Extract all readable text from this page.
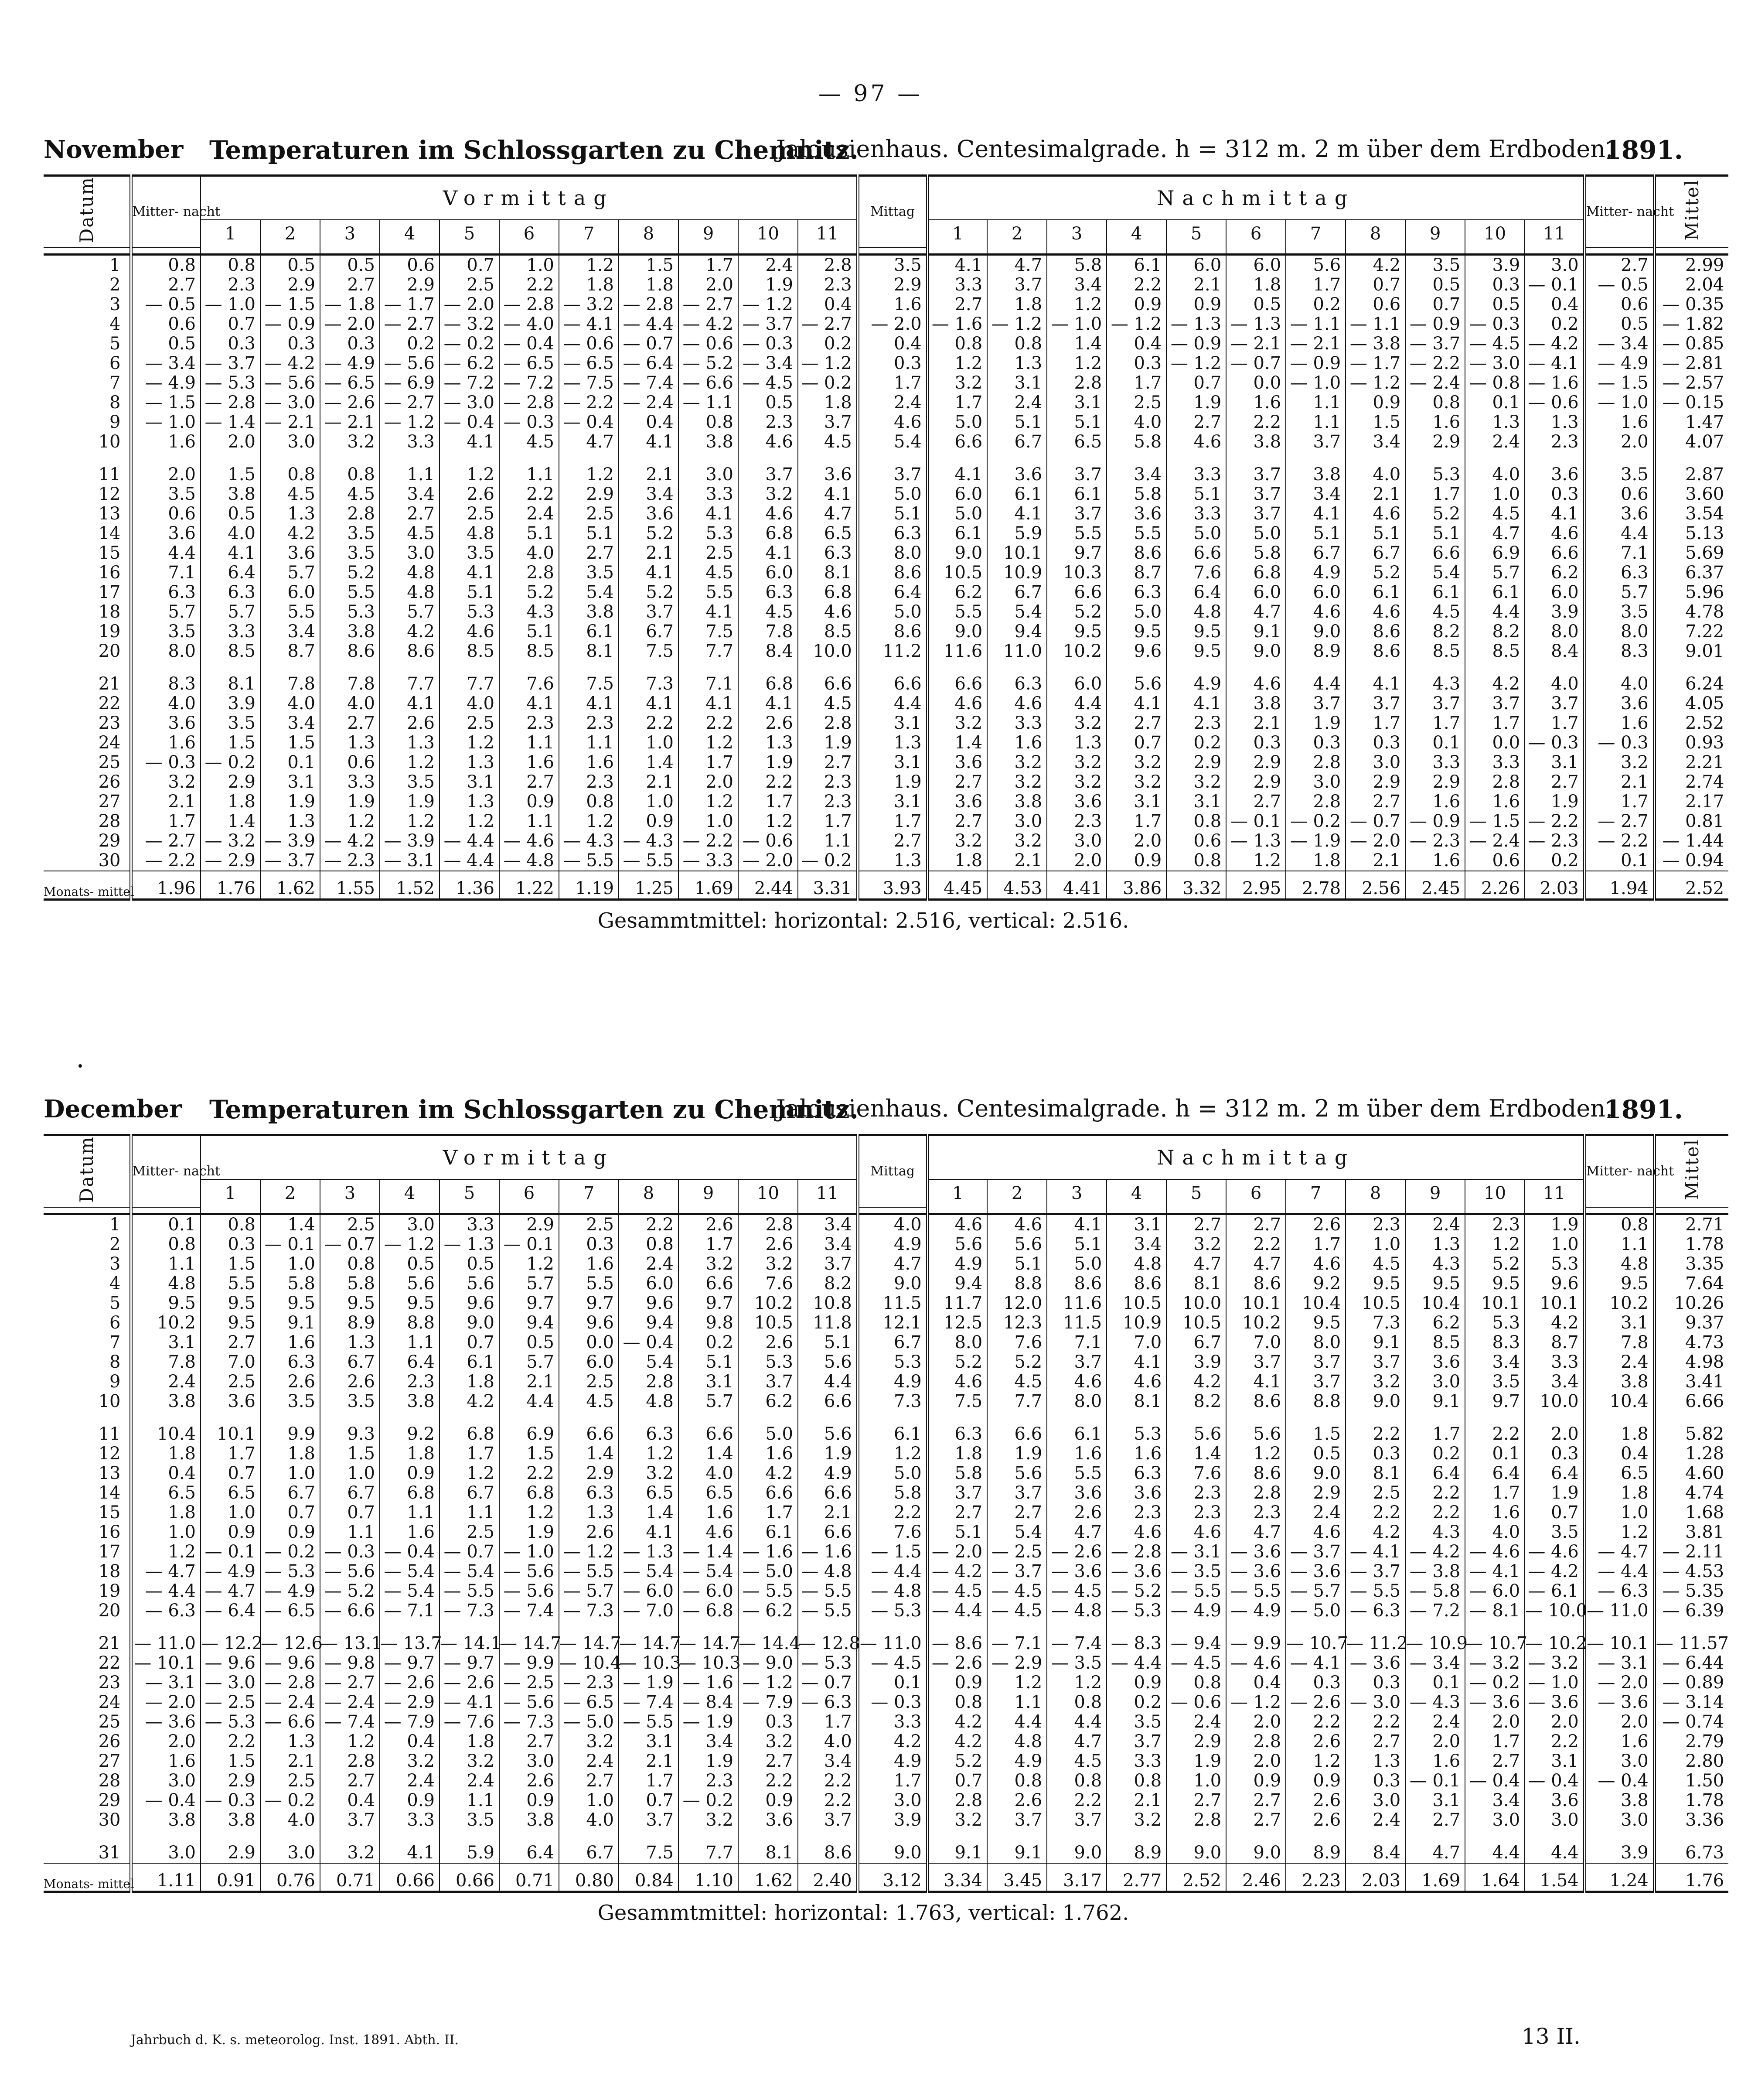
— 97 —
November Temperaturen im Schlossgarten zu Chemnitz.
Jalousienhaus. Centesimalgrade. h = 312 m. 2 m über dem Erdboden.
1891.
Datum	Mitter- nacht	Vormittag											Mittag	Nachmittag											Mitter- nacht	Mittel
		1	2	3	4	5	6	7	8	9	10	11		1	2	3	4	5	6	7	8	9	10	11		

1	0.8	0.8	0.5	0.5	0.6	0.7	1.0	1.2	1.5	1.7	2.4	2.8	3.5	4.1	4.7	5.8	6.1	6.0	6.0	5.6	4.2	3.5	3.9	3.0	2.7	2.99
2	2.7	2.3	2.9	2.7	2.9	2.5	2.2	1.8	1.8	2.0	1.9	2.3	2.9	3.3	3.7	3.4	2.2	2.1	1.8	1.7	0.7	0.5	0.3	— 0.1	— 0.5	2.04
3	— 0.5	— 1.0	— 1.5	— 1.8	— 1.7	— 2.0	— 2.8	— 3.2	— 2.8	— 2.7	— 1.2	0.4	1.6	2.7	1.8	1.2	0.9	0.9	0.5	0.2	0.6	0.7	0.5	0.4	0.6	— 0.35
4	0.6	0.7	— 0.9	— 2.0	— 2.7	— 3.2	— 4.0	— 4.1	— 4.4	— 4.2	— 3.7	— 2.7	— 2.0	— 1.6	— 1.2	— 1.0	— 1.2	— 1.3	— 1.3	— 1.1	— 1.1	— 0.9	— 0.3	0.2	0.5	— 1.82
5	0.5	0.3	0.3	0.3	0.2	— 0.2	— 0.4	— 0.6	— 0.7	— 0.6	— 0.3	0.2	0.4	0.8	0.8	1.4	0.4	— 0.9	— 2.1	— 2.1	— 3.8	— 3.7	— 4.5	— 4.2	— 3.4	— 0.85
6	— 3.4	— 3.7	— 4.2	— 4.9	— 5.6	— 6.2	— 6.5	— 6.5	— 6.4	— 5.2	— 3.4	— 1.2	0.3	1.2	1.3	1.2	0.3	— 1.2	— 0.7	— 0.9	— 1.7	— 2.2	— 3.0	— 4.1	— 4.9	— 2.81
7	— 4.9	— 5.3	— 5.6	— 6.5	— 6.9	— 7.2	— 7.2	— 7.5	— 7.4	— 6.6	— 4.5	— 0.2	1.7	3.2	3.1	2.8	1.7	0.7	0.0	— 1.0	— 1.2	— 2.4	— 0.8	— 1.6	— 1.5	— 2.57
8	— 1.5	— 2.8	— 3.0	— 2.6	— 2.7	— 3.0	— 2.8	— 2.2	— 2.4	— 1.1	0.5	1.8	2.4	1.7	2.4	3.1	2.5	1.9	1.6	1.1	0.9	0.8	0.1	— 0.6	— 1.0	— 0.15
9	— 1.0	— 1.4	— 2.1	— 2.1	— 1.2	— 0.4	— 0.3	— 0.4	0.4	0.8	2.3	3.7	4.6	5.0	5.1	5.1	4.0	2.7	2.2	1.1	1.5	1.6	1.3	1.3	1.6	1.47
10	1.6	2.0	3.0	3.2	3.3	4.1	4.5	4.7	4.1	3.8	4.6	4.5	5.4	6.6	6.7	6.5	5.8	4.6	3.8	3.7	3.4	2.9	2.4	2.3	2.0	4.07

11	2.0	1.5	0.8	0.8	1.1	1.2	1.1	1.2	2.1	3.0	3.7	3.6	3.7	4.1	3.6	3.7	3.4	3.3	3.7	3.8	4.0	5.3	4.0	3.6	3.5	2.87
12	3.5	3.8	4.5	4.5	3.4	2.6	2.2	2.9	3.4	3.3	3.2	4.1	5.0	6.0	6.1	6.1	5.8	5.1	3.7	3.4	2.1	1.7	1.0	0.3	0.6	3.60
13	0.6	0.5	1.3	2.8	2.7	2.5	2.4	2.5	3.6	4.1	4.6	4.7	5.1	5.0	4.1	3.7	3.6	3.3	3.7	4.1	4.6	5.2	4.5	4.1	3.6	3.54
14	3.6	4.0	4.2	3.5	4.5	4.8	5.1	5.1	5.2	5.3	6.8	6.5	6.3	6.1	5.9	5.5	5.5	5.0	5.0	5.1	5.1	5.1	4.7	4.6	4.4	5.13
15	4.4	4.1	3.6	3.5	3.0	3.5	4.0	2.7	2.1	2.5	4.1	6.3	8.0	9.0	10.1	9.7	8.6	6.6	5.8	6.7	6.7	6.6	6.9	6.6	7.1	5.69
16	7.1	6.4	5.7	5.2	4.8	4.1	2.8	3.5	4.1	4.5	6.0	8.1	8.6	10.5	10.9	10.3	8.7	7.6	6.8	4.9	5.2	5.4	5.7	6.2	6.3	6.37
17	6.3	6.3	6.0	5.5	4.8	5.1	5.2	5.4	5.2	5.5	6.3	6.8	6.4	6.2	6.7	6.6	6.3	6.4	6.0	6.0	6.1	6.1	6.1	6.0	5.7	5.96
18	5.7	5.7	5.5	5.3	5.7	5.3	4.3	3.8	3.7	4.1	4.5	4.6	5.0	5.5	5.4	5.2	5.0	4.8	4.7	4.6	4.6	4.5	4.4	3.9	3.5	4.78
19	3.5	3.3	3.4	3.8	4.2	4.6	5.1	6.1	6.7	7.5	7.8	8.5	8.6	9.0	9.4	9.5	9.5	9.5	9.1	9.0	8.6	8.2	8.2	8.0	8.0	7.22
20	8.0	8.5	8.7	8.6	8.6	8.5	8.5	8.1	7.5	7.7	8.4	10.0	11.2	11.6	11.0	10.2	9.6	9.5	9.0	8.9	8.6	8.5	8.5	8.4	8.3	9.01

21	8.3	8.1	7.8	7.8	7.7	7.7	7.6	7.5	7.3	7.1	6.8	6.6	6.6	6.6	6.3	6.0	5.6	4.9	4.6	4.4	4.1	4.3	4.2	4.0	4.0	6.24
22	4.0	3.9	4.0	4.0	4.1	4.0	4.1	4.1	4.1	4.1	4.1	4.5	4.4	4.6	4.6	4.4	4.1	4.1	3.8	3.7	3.7	3.7	3.7	3.7	3.6	4.05
23	3.6	3.5	3.4	2.7	2.6	2.5	2.3	2.3	2.2	2.2	2.6	2.8	3.1	3.2	3.3	3.2	2.7	2.3	2.1	1.9	1.7	1.7	1.7	1.7	1.6	2.52
24	1.6	1.5	1.5	1.3	1.3	1.2	1.1	1.1	1.0	1.2	1.3	1.9	1.3	1.4	1.6	1.3	0.7	0.2	0.3	0.3	0.3	0.1	0.0	— 0.3	— 0.3	0.93
25	— 0.3	— 0.2	0.1	0.6	1.2	1.3	1.6	1.6	1.4	1.7	1.9	2.7	3.1	3.6	3.2	3.2	3.2	2.9	2.9	2.8	3.0	3.3	3.3	3.1	3.2	2.21
26	3.2	2.9	3.1	3.3	3.5	3.1	2.7	2.3	2.1	2.0	2.2	2.3	1.9	2.7	3.2	3.2	3.2	3.2	2.9	3.0	2.9	2.9	2.8	2.7	2.1	2.74
27	2.1	1.8	1.9	1.9	1.9	1.3	0.9	0.8	1.0	1.2	1.7	2.3	3.1	3.6	3.8	3.6	3.1	3.1	2.7	2.8	2.7	1.6	1.6	1.9	1.7	2.17
28	1.7	1.4	1.3	1.2	1.2	1.2	1.1	1.2	0.9	1.0	1.2	1.7	1.7	2.7	3.0	2.3	1.7	0.8	— 0.1	— 0.2	— 0.7	— 0.9	— 1.5	— 2.2	— 2.7	0.81
29	— 2.7	— 3.2	— 3.9	— 4.2	— 3.9	— 4.4	— 4.6	— 4.3	— 4.3	— 2.2	— 0.6	1.1	2.7	3.2	3.2	3.0	2.0	0.6	— 1.3	— 1.9	— 2.0	— 2.3	— 2.4	— 2.3	— 2.2	— 1.44
30	— 2.2	— 2.9	— 3.7	— 2.3	— 3.1	— 4.4	— 4.8	— 5.5	— 5.5	— 3.3	— 2.0	— 0.2	1.3	1.8	2.1	2.0	0.9	0.8	1.2	1.8	2.1	1.6	0.6	0.2	0.1	— 0.94
Monats- mittel	1.96	1.76	1.62	1.55	1.52	1.36	1.22	1.19	1.25	1.69	2.44	3.31	3.93	4.45	4.53	4.41	3.86	3.32	2.95	2.78	2.56	2.45	2.26	2.03	1.94	2.52
Gesammtmittel: horizontal: 2.516, vertical: 2.516.
December Temperaturen im Schlossgarten zu Chemnitz.
Jalousienhaus. Centesimalgrade. h = 312 m. 2 m über dem Erdboden.
1891.
Datum	Mitter- nacht	Vormittag											Mittag	Nachmittag											Mitter- nacht	Mittel
		1	2	3	4	5	6	7	8	9	10	11		1	2	3	4	5	6	7	8	9	10	11		

1	0.1	0.8	1.4	2.5	3.0	3.3	2.9	2.5	2.2	2.6	2.8	3.4	4.0	4.6	4.6	4.1	3.1	2.7	2.7	2.6	2.3	2.4	2.3	1.9	0.8	2.71
2	0.8	0.3	— 0.1	— 0.7	— 1.2	— 1.3	— 0.1	0.3	0.8	1.7	2.6	3.4	4.9	5.6	5.6	5.1	3.4	3.2	2.2	1.7	1.0	1.3	1.2	1.0	1.1	1.78
3	1.1	1.5	1.0	0.8	0.5	0.5	1.2	1.6	2.4	3.2	3.2	3.7	4.7	4.9	5.1	5.0	4.8	4.7	4.7	4.6	4.5	4.3	5.2	5.3	4.8	3.35
4	4.8	5.5	5.8	5.8	5.6	5.6	5.7	5.5	6.0	6.6	7.6	8.2	9.0	9.4	8.8	8.6	8.6	8.1	8.6	9.2	9.5	9.5	9.5	9.6	9.5	7.64
5	9.5	9.5	9.5	9.5	9.5	9.6	9.7	9.7	9.6	9.7	10.2	10.8	11.5	11.7	12.0	11.6	10.5	10.0	10.1	10.4	10.5	10.4	10.1	10.1	10.2	10.26
6	10.2	9.5	9.1	8.9	8.8	9.0	9.4	9.6	9.4	9.8	10.5	11.8	12.1	12.5	12.3	11.5	10.9	10.5	10.2	9.5	7.3	6.2	5.3	4.2	3.1	9.37
7	3.1	2.7	1.6	1.3	1.1	0.7	0.5	0.0	— 0.4	0.2	2.6	5.1	6.7	8.0	7.6	7.1	7.0	6.7	7.0	8.0	9.1	8.5	8.3	8.7	7.8	4.73
8	7.8	7.0	6.3	6.7	6.4	6.1	5.7	6.0	5.4	5.1	5.3	5.6	5.3	5.2	5.2	3.7	4.1	3.9	3.7	3.7	3.7	3.6	3.4	3.3	2.4	4.98
9	2.4	2.5	2.6	2.6	2.3	1.8	2.1	2.5	2.8	3.1	3.7	4.4	4.9	4.6	4.5	4.6	4.6	4.2	4.1	3.7	3.2	3.0	3.5	3.4	3.8	3.41
10	3.8	3.6	3.5	3.5	3.8	4.2	4.4	4.5	4.8	5.7	6.2	6.6	7.3	7.5	7.7	8.0	8.1	8.2	8.6	8.8	9.0	9.1	9.7	10.0	10.4	6.66

11	10.4	10.1	9.9	9.3	9.2	6.8	6.9	6.6	6.3	6.6	5.0	5.6	6.1	6.3	6.6	6.1	5.3	5.6	5.6	1.5	2.2	1.7	2.2	2.0	1.8	5.82
12	1.8	1.7	1.8	1.5	1.8	1.7	1.5	1.4	1.2	1.4	1.6	1.9	1.2	1.8	1.9	1.6	1.6	1.4	1.2	0.5	0.3	0.2	0.1	0.3	0.4	1.28
13	0.4	0.7	1.0	1.0	0.9	1.2	2.2	2.9	3.2	4.0	4.2	4.9	5.0	5.8	5.6	5.5	6.3	7.6	8.6	9.0	8.1	6.4	6.4	6.4	6.5	4.60
14	6.5	6.5	6.7	6.7	6.8	6.7	6.8	6.3	6.5	6.5	6.6	6.6	5.8	3.7	3.7	3.6	3.6	2.3	2.8	2.9	2.5	2.2	1.7	1.9	1.8	4.74
15	1.8	1.0	0.7	0.7	1.1	1.1	1.2	1.3	1.4	1.6	1.7	2.1	2.2	2.7	2.7	2.6	2.3	2.3	2.3	2.4	2.2	2.2	1.6	0.7	1.0	1.68
16	1.0	0.9	0.9	1.1	1.6	2.5	1.9	2.6	4.1	4.6	6.1	6.6	7.6	5.1	5.4	4.7	4.6	4.6	4.7	4.6	4.2	4.3	4.0	3.5	1.2	3.81
17	1.2	— 0.1	— 0.2	— 0.3	— 0.4	— 0.7	— 1.0	— 1.2	— 1.3	— 1.4	— 1.6	— 1.6	— 1.5	— 2.0	— 2.5	— 2.6	— 2.8	— 3.1	— 3.6	— 3.7	— 4.1	— 4.2	— 4.6	— 4.6	— 4.7	— 2.11
18	— 4.7	— 4.9	— 5.3	— 5.6	— 5.4	— 5.4	— 5.6	— 5.5	— 5.4	— 5.4	— 5.0	— 4.8	— 4.4	— 4.2	— 3.7	— 3.6	— 3.6	— 3.5	— 3.6	— 3.6	— 3.7	— 3.8	— 4.1	— 4.2	— 4.4	— 4.53
19	— 4.4	— 4.7	— 4.9	— 5.2	— 5.4	— 5.5	— 5.6	— 5.7	— 6.0	— 6.0	— 5.5	— 5.5	— 4.8	— 4.5	— 4.5	— 4.5	— 5.2	— 5.5	— 5.5	— 5.7	— 5.5	— 5.8	— 6.0	— 6.1	— 6.3	— 5.35
20	— 6.3	— 6.4	— 6.5	— 6.6	— 7.1	— 7.3	— 7.4	— 7.3	— 7.0	— 6.8	— 6.2	— 5.5	— 5.3	— 4.4	— 4.5	— 4.8	— 5.3	— 4.9	— 4.9	— 5.0	— 6.3	— 7.2	— 8.1	— 10.0	— 11.0	— 6.39

21	— 11.0	— 12.2	— 12.6	— 13.1	— 13.7	— 14.1	— 14.7	— 14.7	— 14.7	— 14.7	— 14.4	— 12.8	— 11.0	— 8.6	— 7.1	— 7.4	— 8.3	— 9.4	— 9.9	— 10.7	— 11.2	— 10.9	— 10.7	— 10.2	— 10.1	— 11.57
22	— 10.1	— 9.6	— 9.6	— 9.8	— 9.7	— 9.7	— 9.9	— 10.4	— 10.3	— 10.3	— 9.0	— 5.3	— 4.5	— 2.6	— 2.9	— 3.5	— 4.4	— 4.5	— 4.6	— 4.1	— 3.6	— 3.4	— 3.2	— 3.2	— 3.1	— 6.44
23	— 3.1	— 3.0	— 2.8	— 2.7	— 2.6	— 2.6	— 2.5	— 2.3	— 1.9	— 1.6	— 1.2	— 0.7	0.1	0.9	1.2	1.2	0.9	0.8	0.4	0.3	0.3	0.1	— 0.2	— 1.0	— 2.0	— 0.89
24	— 2.0	— 2.5	— 2.4	— 2.4	— 2.9	— 4.1	— 5.6	— 6.5	— 7.4	— 8.4	— 7.9	— 6.3	— 0.3	0.8	1.1	0.8	0.2	— 0.6	— 1.2	— 2.6	— 3.0	— 4.3	— 3.6	— 3.6	— 3.6	— 3.14
25	— 3.6	— 5.3	— 6.6	— 7.4	— 7.9	— 7.6	— 7.3	— 5.0	— 5.5	— 1.9	0.3	1.7	3.3	4.2	4.4	4.4	3.5	2.4	2.0	2.2	2.2	2.4	2.0	2.0	2.0	— 0.74
26	2.0	2.2	1.3	1.2	0.4	1.8	2.7	3.2	3.1	3.4	3.2	4.0	4.2	4.2	4.8	4.7	3.7	2.9	2.8	2.6	2.7	2.0	1.7	2.2	1.6	2.79
27	1.6	1.5	2.1	2.8	3.2	3.2	3.0	2.4	2.1	1.9	2.7	3.4	4.9	5.2	4.9	4.5	3.3	1.9	2.0	1.2	1.3	1.6	2.7	3.1	3.0	2.80
28	3.0	2.9	2.5	2.7	2.4	2.4	2.6	2.7	1.7	2.3	2.2	2.2	1.7	0.7	0.8	0.8	0.8	1.0	0.9	0.9	0.3	— 0.1	— 0.4	— 0.4	— 0.4	1.50
29	— 0.4	— 0.3	— 0.2	0.4	0.9	1.1	0.9	1.0	0.7	— 0.2	0.9	2.2	3.0	2.8	2.6	2.2	2.1	2.7	2.7	2.6	3.0	3.1	3.4	3.6	3.8	1.78
30	3.8	3.8	4.0	3.7	3.3	3.5	3.8	4.0	3.7	3.2	3.6	3.7	3.9	3.2	3.7	3.7	3.2	2.8	2.7	2.6	2.4	2.7	3.0	3.0	3.0	3.36

31	3.0	2.9	3.0	3.2	4.1	5.9	6.4	6.7	7.5	7.7	8.1	8.6	9.0	9.1	9.1	9.0	8.9	9.0	9.0	8.9	8.4	4.7	4.4	4.4	3.9	6.73
Monats- mittel	1.11	0.91	0.76	0.71	0.66	0.66	0.71	0.80	0.84	1.10	1.62	2.40	3.12	3.34	3.45	3.17	2.77	2.52	2.46	2.23	2.03	1.69	1.64	1.54	1.24	1.76
Gesammtmittel: horizontal: 1.763, vertical: 1.762.
Jahrbuch d. K. s. meteorolog. Inst. 1891. Abth. II.	13 II.
